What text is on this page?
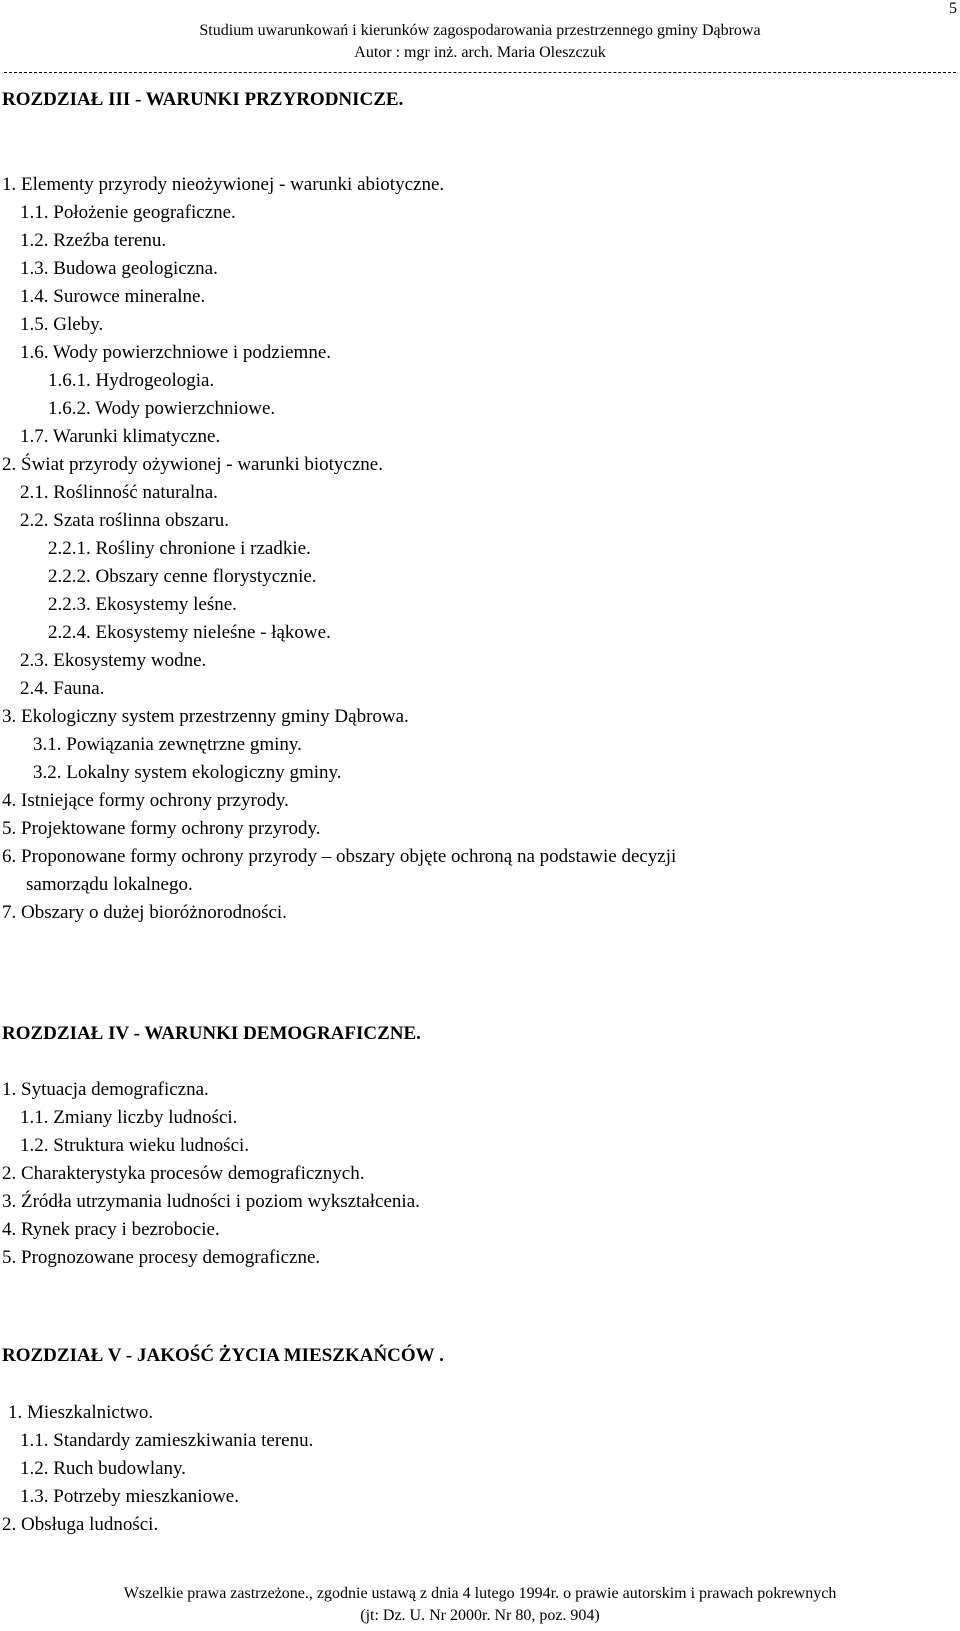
5
Studium uwarunkowań i kierunków zagospodarowania przestrzennego gminy Dąbrowa
Autor : mgr inż. arch. Maria Oleszczuk
ROZDZIAŁ III - WARUNKI PRZYRODNICZE.
1. Elementy przyrody nieożywionej - warunki abiotyczne.
1.1. Położenie geograficzne.
1.2. Rzeźba terenu.
1.3. Budowa geologiczna.
1.4. Surowce mineralne.
1.5. Gleby.
1.6. Wody powierzchniowe i podziemne.
1.6.1. Hydrogeologia.
1.6.2. Wody powierzchniowe.
1.7. Warunki klimatyczne.
2. Świat przyrody ożywionej - warunki biotyczne.
2.1. Roślinność naturalna.
2.2. Szata roślinna obszaru.
2.2.1. Rośliny chronione i rzadkie.
2.2.2. Obszary cenne florystycznie.
2.2.3. Ekosystemy leśne.
2.2.4. Ekosystemy nieleśne - łąkowe.
2.3. Ekosystemy wodne.
2.4. Fauna.
3. Ekologiczny system przestrzenny gminy Dąbrowa.
3.1. Powiązania zewnętrzne gminy.
3.2. Lokalny system ekologiczny gminy.
4. Istniejące formy ochrony przyrody.
5. Projektowane formy ochrony przyrody.
6. Proponowane formy ochrony przyrody – obszary objęte ochroną na podstawie decyzji
samorządu lokalnego.
7. Obszary o dużej bioróżnorodności.
ROZDZIAŁ IV - WARUNKI DEMOGRAFICZNE.
1. Sytuacja demograficzna.
1.1. Zmiany liczby ludności.
1.2. Struktura wieku ludności.
2. Charakterystyka procesów demograficznych.
3. Źródła utrzymania ludności i poziom wykształcenia.
4. Rynek pracy i bezrobocie.
5. Prognozowane procesy demograficzne.
ROZDZIAŁ V - JAKOŚĆ ŻYCIA MIESZKAŃCÓW .
1. Mieszkalnictwo.
1.1. Standardy zamieszkiwania terenu.
1.2. Ruch budowlany.
1.3. Potrzeby mieszkaniowe.
2. Obsługa ludności.
Wszelkie prawa zastrzeżone., zgodnie ustawą z dnia 4 lutego 1994r. o prawie autorskim i prawach pokrewnych
(jt: Dz. U. Nr 2000r. Nr 80, poz. 904)
